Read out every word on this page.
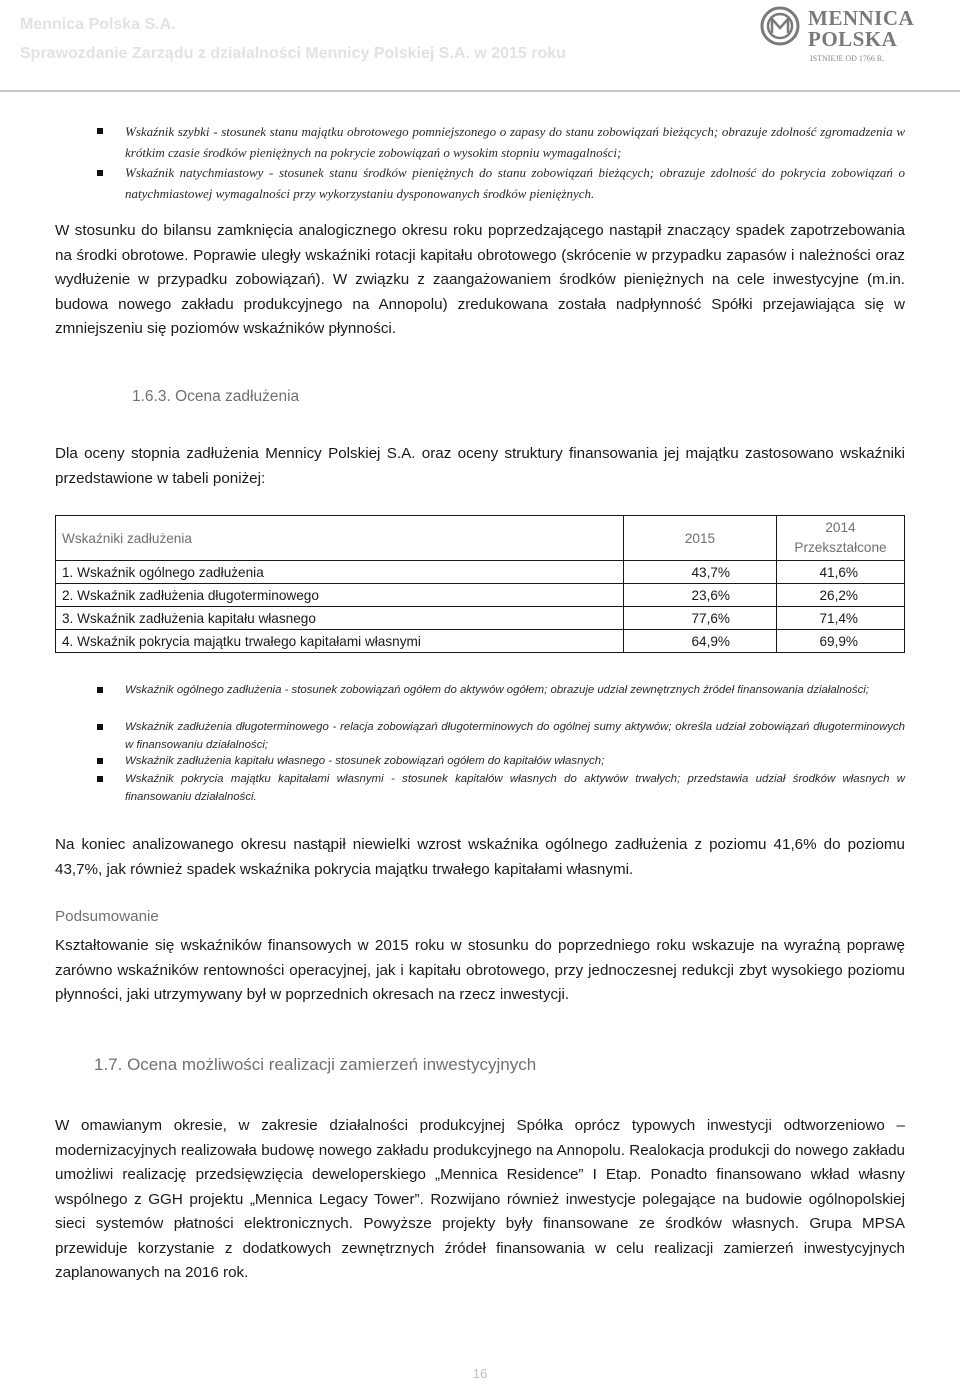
Mennica Polska S.A.
Sprawozdanie Zarządu z działalności Mennicy Polskiej S.A. w 2015 roku
MENNICA
POLSKA
ISTNIEJE OD 1766 R.
Wskaźnik szybki - stosunek stanu majątku obrotowego pomniejszonego o zapasy do stanu zobowiązań bieżących; obrazuje zdolność zgromadzenia w krótkim czasie środków pieniężnych na pokrycie zobowiązań o wysokim stopniu wymagalności;
Wskaźnik natychmiastowy - stosunek stanu środków pieniężnych do stanu zobowiązań bieżących; obrazuje zdolność do pokrycia zobowiązań o natychmiastowej wymagalności przy wykorzystaniu dysponowanych środków pieniężnych.
W stosunku do bilansu zamknięcia analogicznego okresu roku poprzedzającego nastąpił znaczący spadek zapotrzebowania na środki obrotowe. Poprawie uległy wskaźniki rotacji kapitału obrotowego (skrócenie w przypadku zapasów i należności oraz wydłużenie w przypadku zobowiązań). W związku z zaangażowaniem środków pieniężnych na cele inwestycyjne (m.in. budowa nowego zakładu produkcyjnego na Annopolu) zredukowana została nadpłynność Spółki przejawiająca się w zmniejszeniu się poziomów wskaźników płynności.
1.6.3. Ocena zadłużenia
Dla oceny stopnia zadłużenia Mennicy Polskiej S.A. oraz oceny struktury finansowania jej majątku zastosowano wskaźniki przedstawione w tabeli poniżej:
Wskaźniki zadłużenia	2015	2014
Przekształcone

1. Wskaźnik ogólnego zadłużenia	43,7%	41,6%
2. Wskaźnik zadłużenia długoterminowego	23,6%	26,2%
3. Wskaźnik zadłużenia kapitału własnego	77,6%	71,4%
4. Wskaźnik pokrycia majątku trwałego kapitałami własnymi	64,9%	69,9%
Wskaźnik ogólnego zadłużenia - stosunek zobowiązań ogółem do aktywów ogółem; obrazuje udział zewnętrznych źródeł finansowania działalności;
Wskaźnik zadłużenia długoterminowego - relacja zobowiązań długoterminowych do ogólnej sumy aktywów; określa udział zobowiązań długoterminowych w finansowaniu działalności;
Wskaźnik zadłużenia kapitału własnego - stosunek zobowiązań ogółem do kapitałów własnych;
Wskaźnik pokrycia majątku kapitałami własnymi - stosunek kapitałów własnych do aktywów trwałych; przedstawia udział środków własnych w finansowaniu działalności.
Na koniec analizowanego okresu nastąpił niewielki wzrost wskaźnika ogólnego zadłużenia z poziomu 41,6% do poziomu 43,7%, jak również spadek wskaźnika pokrycia majątku trwałego kapitałami własnymi.
Podsumowanie
Kształtowanie się wskaźników finansowych w 2015 roku w stosunku do poprzedniego roku wskazuje na wyraźną poprawę zarówno wskaźników rentowności operacyjnej, jak i kapitału obrotowego, przy jednoczesnej redukcji zbyt wysokiego poziomu płynności, jaki utrzymywany był w poprzednich okresach na rzecz inwestycji.
1.7. Ocena możliwości realizacji zamierzeń inwestycyjnych
W omawianym okresie, w zakresie działalności produkcyjnej Spółka oprócz typowych inwestycji odtworzeniowo – modernizacyjnych realizowała budowę nowego zakładu produkcyjnego na Annopolu. Realokacja produkcji do nowego zakładu umożliwi realizację przedsięwzięcia deweloperskiego „Mennica Residence” I Etap. Ponadto finansowano wkład własny wspólnego z GGH projektu „Mennica Legacy Tower”. Rozwijano również inwestycje polegające na budowie ogólnopolskiej sieci systemów płatności elektronicznych. Powyższe projekty były finansowane ze środków własnych. Grupa MPSA przewiduje korzystanie z dodatkowych zewnętrznych źródeł finansowania w celu realizacji zamierzeń inwestycyjnych zaplanowanych na 2016 rok.
16
